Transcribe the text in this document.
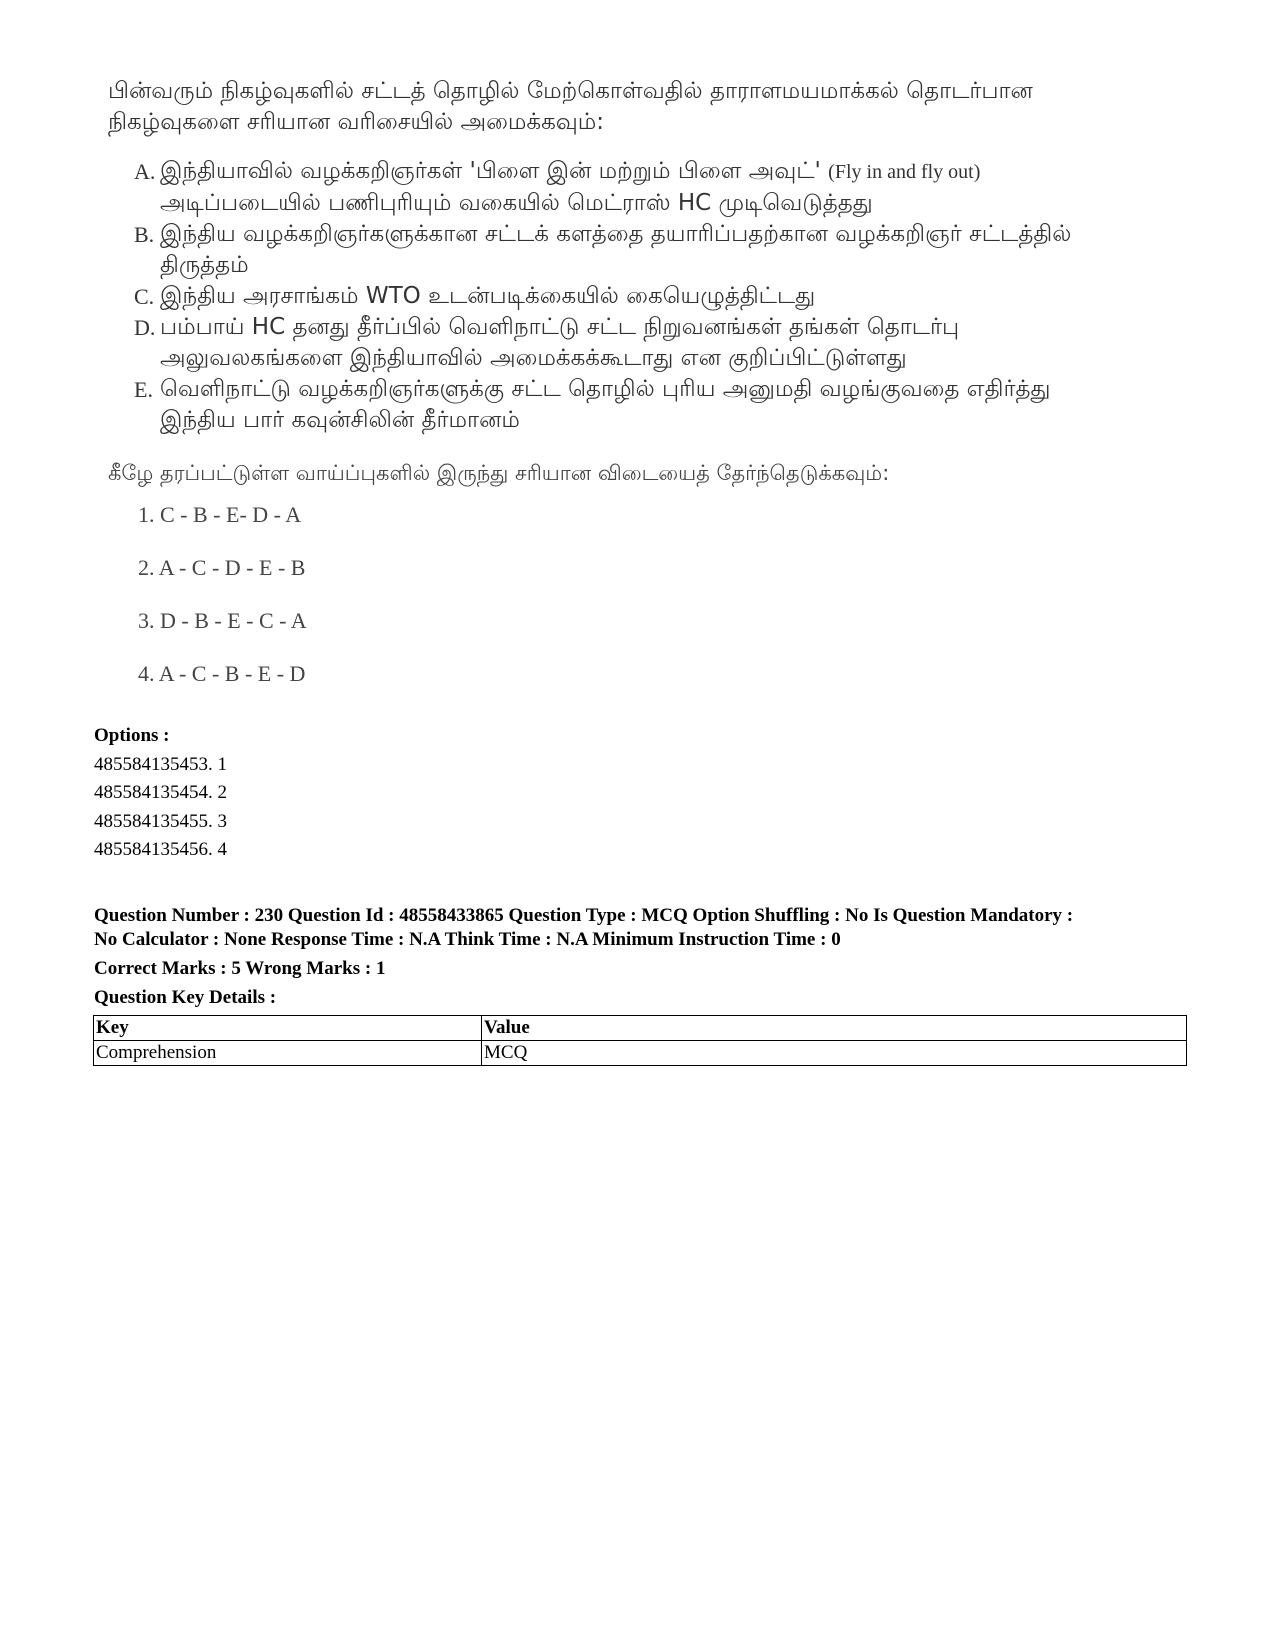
பின்வரும் நிகழ்வுகளில் சட்டத் தொழில் மேற்கொள்வதில் தாராளமயமாக்கல் தொடர்பான நிகழ்வுகளை சரியான வரிசையில் அமைக்கவும்:

A. இந்தியாவில் வழக்கறிஞர்கள் 'பிளை இன் மற்றும் பிளை அவுட்' (Fly in and fly out) அடிப்படையில் பணிபுரியும் வகையில் மெட்ராஸ் HC முடிவெடுத்தது
B. இந்திய வழக்கறிஞர்களுக்கான சட்டக் களத்தை தயாரிப்பதற்கான வழக்கறிஞர் சட்டத்தில் திருத்தம்
C. இந்திய அரசாங்கம் WTO உடன்படிக்கையில் கையெழுத்திட்டது
D. பம்பாய் HC தனது தீர்ப்பில் வெளிநாட்டு சட்ட நிறுவனங்கள் தங்கள் தொடர்பு அலுவலகங்களை இந்தியாவில் அமைக்கக்கூடாது என குறிப்பிட்டுள்ளது
E. வெளிநாட்டு வழக்கறிஞர்களுக்கு சட்ட தொழில் புரிய அனுமதி வழங்குவதை எதிர்த்து இந்திய பார் கவுன்சிலின் தீர்மானம்

கீழே தரப்பட்டுள்ள வாய்ப்புகளில் இருந்து சரியான விடையைத் தேர்ந்தெடுக்கவும்:

1. C - B - E- D - A
2. A - C - D - E - B
3. D - B - E - C - A
4. A - C - B - E - D
Options :
485584135453. 1
485584135454. 2
485584135455. 3
485584135456. 4
Question Number : 230 Question Id : 48558433865 Question Type : MCQ Option Shuffling : No Is Question Mandatory :
No Calculator : None Response Time : N.A Think Time : N.A Minimum Instruction Time : 0
Correct Marks : 5 Wrong Marks : 1
Question Key Details :
Key	Value
Comprehension	MCQ
